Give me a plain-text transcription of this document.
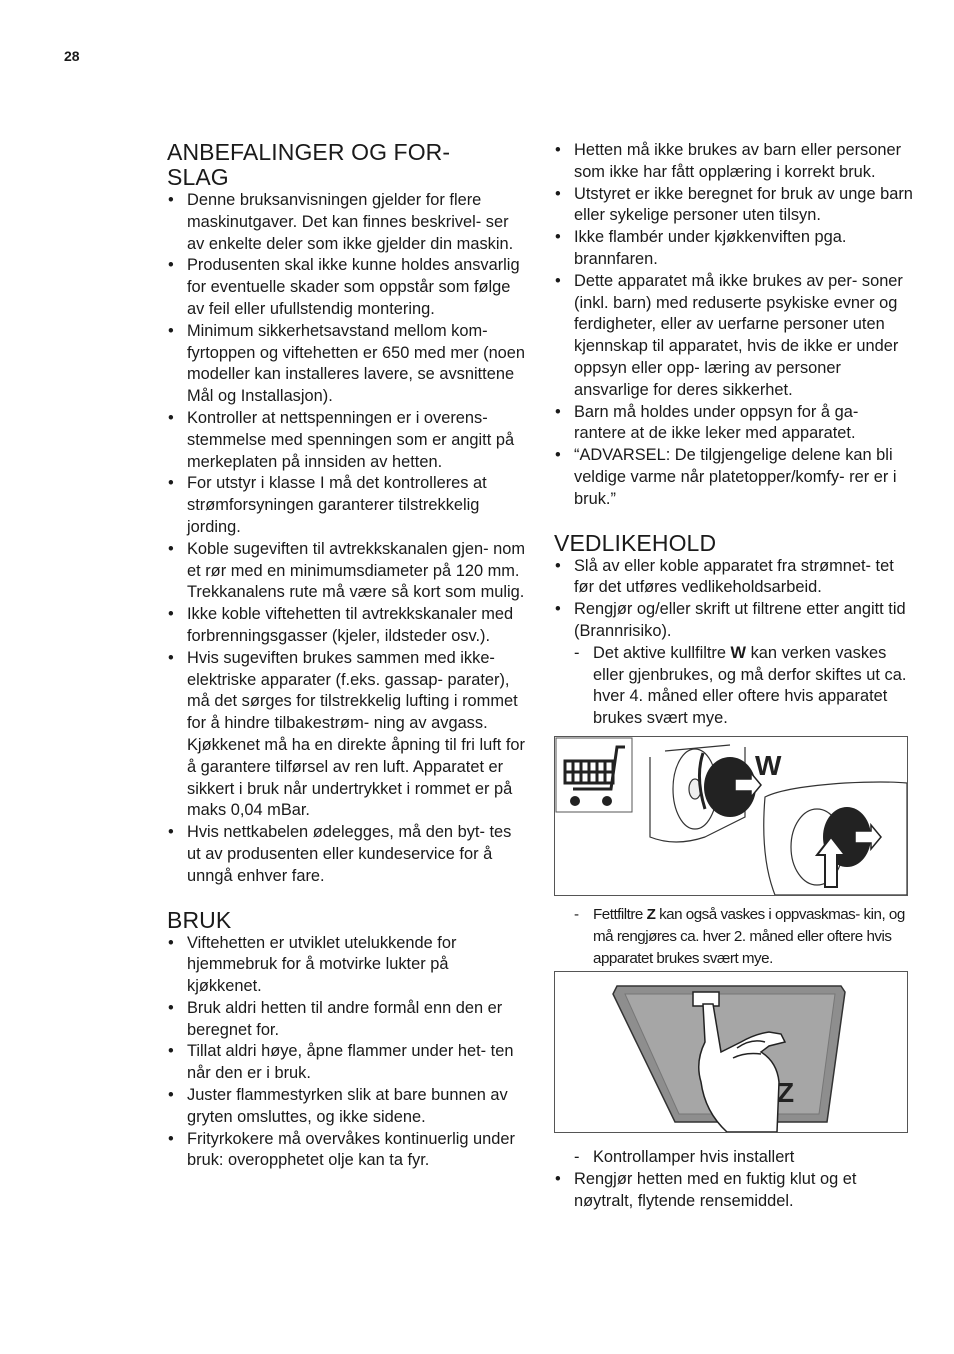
28
ANBEFALINGER OG FOR-
SLAG
• Denne bruksanvisningen gjelder for flere maskinutgaver. Det kan finnes beskrivel- ser av enkelte deler som ikke gjelder din maskin.
• Produsenten skal ikke kunne holdes ansvarlig for eventuelle skader som oppstår som følge av feil eller ufullstendig montering.
• Minimum sikkerhetsavstand mellom kom- fyrtoppen og viftehetten er 650 med mer (noen modeller kan installeres lavere, se avsnittene Mål og Installasjon).
• Kontroller at nettspenningen er i overens- stemmelse med spenningen som er angitt på merkeplaten på innsiden av hetten.
• For utstyr i klasse I må det kontrolleres at strømforsyningen garanterer tilstrekkelig jording.
• Koble sugeviften til avtrekkskanalen gjen- nom et rør med en minimumsdiameter på 120 mm. Trekkanalens rute må være så kort som mulig.
• Ikke koble viftehetten til avtrekkskanaler med forbrenningsgasser (kjeler, ildsteder osv.).
• Hvis sugeviften brukes sammen med ikke-elektriske apparater (f.eks. gassap- parater), må det sørges for tilstrekkelig lufting i rommet for å hindre tilbakestrøm- ning av avgass. Kjøkkenet må ha en direkte åpning til fri luft for å garantere tilførsel av ren luft. Apparatet er sikkert i bruk når undertrykket i rommet er på maks 0,04 mBar.
• Hvis nettkabelen ødelegges, må den byt- tes ut av produsenten eller kundeservice for å unngå enhver fare.
BRUK
• Viftehetten er utviklet utelukkende for hjemmebruk for å motvirke lukter på kjøkkenet.
• Bruk aldri hetten til andre formål enn den er beregnet for.
• Tillat aldri høye, åpne flammer under het- ten når den er i bruk.
• Juster flammestyrken slik at bare bunnen av gryten omsluttes, og ikke sidene.
• Frityrkokere må overvåkes kontinuerlig under bruk: overopphetet olje kan ta fyr.
• Hetten må ikke brukes av barn eller personer som ikke har fått opplæring i korrekt bruk.
• Utstyret er ikke beregnet for bruk av unge barn eller sykelige personer uten tilsyn.
• Ikke flambér under kjøkkenviften pga. brannfaren.
• Dette apparatet må ikke brukes av per- soner (inkl. barn) med reduserte psykiske evner og ferdigheter, eller av uerfarne personer uten kjennskap til apparatet, hvis de ikke er under oppsyn eller opp- læring av personer ansvarlige for deres sikkerhet.
• Barn må holdes under oppsyn for å ga- rantere at de ikke leker med apparatet.
• “ADVARSEL: De tilgjengelige delene kan bli veldige varme når platetopper/komfy- rer er i bruk.”
VEDLIKEHOLD
• Slå av eller koble apparatet fra strømnet- tet før det utføres vedlikeholdsarbeid.
• Rengjør og/eller skrift ut filtrene etter angitt tid (Brannrisiko).
- Det aktive kullfiltre W kan verken vaskes eller gjenbrukes, og må derfor skiftes ut ca. hver 4. måned eller oftere hvis apparatet brukes svært mye.
W
- Fettfiltre Z kan også vaskes i oppvaskmas- kin, og må rengjøres ca. hver 2. måned eller oftere hvis apparatet brukes svært mye.
Z
- Kontrollamper hvis installert
• Rengjør hetten med en fuktig klut og et nøytralt, flytende rensemiddel.
